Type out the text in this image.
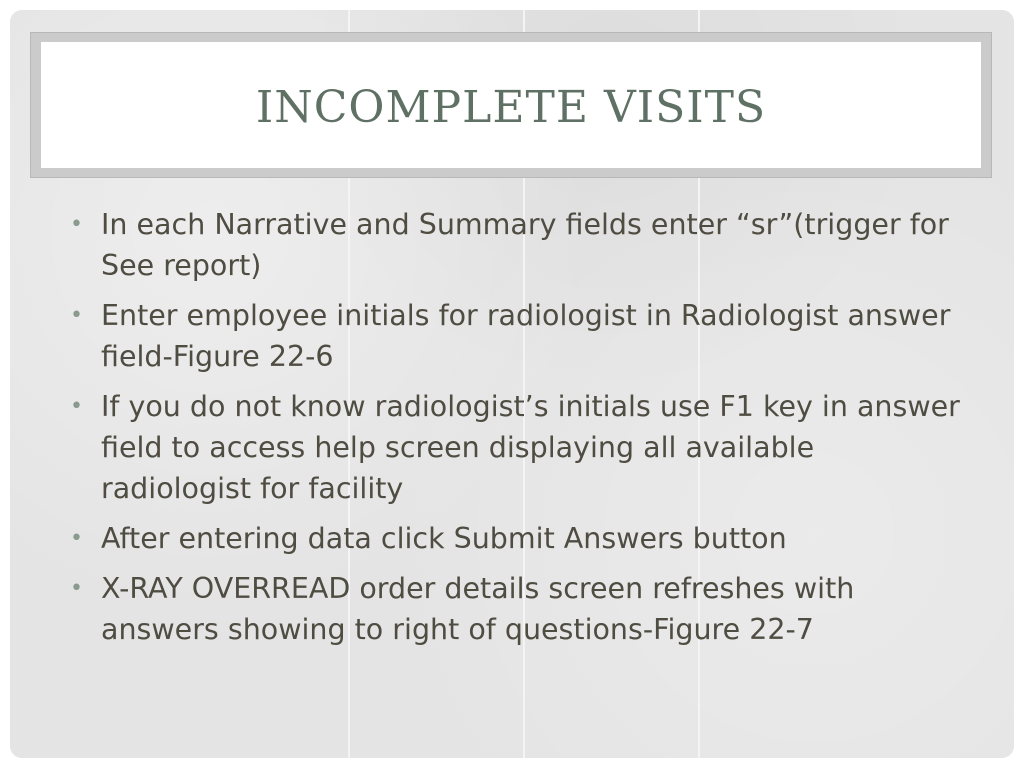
INCOMPLETE VISITS
• In each Narrative and Summary fields enter “sr”(trigger for See report)
• Enter employee initials for radiologist in Radiologist answer field-Figure 22-6
• If you do not know radiologist’s initials use F1 key in answer field to access help screen displaying all available radiologist for facility
• After entering data click Submit Answers button
• X-RAY OVERREAD order details screen refreshes with answers showing to right of questions-Figure 22-7
